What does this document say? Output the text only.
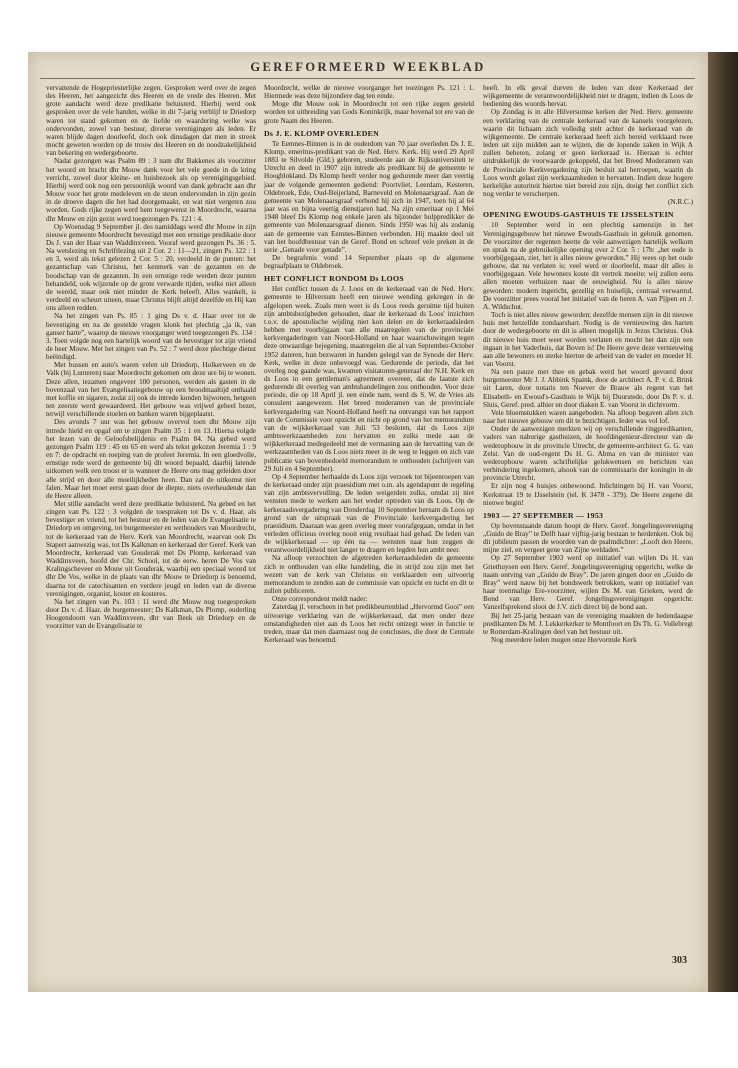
GEREFORMEERD WEEKBLAD

vervattende de Hogepriesterlijke zegen. Gesproken werd over de zegen des Heeren, het aangezicht des Heeren en de vrede des Heeren. Met grote aandacht werd deze predikatie beluisterd. Hierbij werd ook gesproken over de vele handen, welke in dit 7-jarig verblijf te Driedorp waren tot stand gekomen en de liefde en waardering welke was ondervonden, zowel van bestuur, diverse verenigingen als leden. Er waren blijde dagen doorleefd, doch ook dinsdagen dat men in streek mocht geweten worden op de trouw des Heeren en de noodzakelijkheid van bekering en wedergeboorte.

Nadat gezongen was Psalm 89 : 3 nam dhr Bakkenes als voorzitter het woord en bracht dhr Mouw dank voor het vele goede in de kring verricht, zowel door kleine- en huisbezoek als op verenigingsgebied. Hierbij werd ook nog een persoonlijk woord van dank gebracht aan dhr Mouw voor het grote medeleven en de steun ondervonden in zijn gezin in de droeve dagen die het had doorgemaakt, en wat niet vergeten zou worden. Gods rijke zegen werd hem toegewenst in Moordrecht, waarna dhr Mouw en zijn gezin werd toegezongen Ps. 121 : 4.

Op Woensdag 9 September jl. des namiddags werd dhr Mouw in zijn nieuwe gemeente Moordrecht bevestigd met een ernstige predikatie door Ds J. van der Haar van Waddinxveen. Vooraf werd gezongen Ps. 36 : 5. Na wetslezing en Schriftlezing uit 2 Cor. 2 : 11—21, zingen Ps. 122 : 1 en 3, werd als tekst gelezen 2 Cor. 5 : 20, verdeeld in de punten: het gezantschap van Christus, het kenmerk van de gezanten en de boodschap van de gezanten. In een ernstige rede werden deze punten behandeld, ook wijzende op de grote verwarde tijden, welke niet alleen de wereld, maar ook niet minder de Kerk beleeft. Alles wankelt, is verdeeld en scheurt uiteen, maar Christus blijft altijd dezelfde en Hij kan ons alleen redden.

Na het zingen van Ps. 85 : 1 ging Ds v. d. Haar over tot de bevestiging en na de gestelde vragen klonk het plechtig „ja ik, van ganser harte”, waarop de nieuwe voorganger werd toegezongen Ps. 134 : 3. Toen volgde nog een hartelijk woord van de bevestiger tot zijn vriend de heer Mouw. Met het zingen van Ps. 52 : 7 werd deze plechtige dienst beëindigd.

Met bussen en auto's waren velen uit Driedorp, Holkerveen en de Valk (bij Lunteren) naar Moordrecht gekomen om deze ure bij te wonen. Deze allen, tezamen ongeveer 100 personen, werden als gasten in de bovenzaal van het Evangelisatiegebouw op een broodmaaltijd onthaald met koffie en sigaren, zodat zij ook de intrede konden bijwonen, hetgeen ten zeerste werd gewaardeerd. Het gebouw was vrijwel geheel bezet, terwijl verschillende stoelen en banken waren bijgeplaatst.

Des avonds 7 uur was het gebouw overvol toen dhr Mouw zijn intrede hield en opgaf om te zingen Psalm 35 : 1 en 13. Hierna volgde het lezen van de Geloofsbelijdenis en Psalm 84. Na gebed werd gezongen Psalm 119 : 45 en 65 en werd als tekst gekozen Jeremia 1 : 9 en 7: de opdracht en roeping van de profeet Jeremia. In een gloedvolle, ernstige rede werd de gemeente bij dit woord bepaald, daarbij latende uitkomen welk een troost er is wanneer de Heere ons mag geleiden door alle strijd en door alle moeilijkheden heen. Dan zal de uitkomst niet falen. Maar het moet eerst gaan door de diepte, niets overheudende dan de Heere alleen.

Met stille aandacht werd deze predikatie beluisterd. Na gebed en het zingen van Ps. 122 : 3 volgden de toespraken tot Ds v. d. Haar, als bevestiger en vriend, tot het bestuur en de leden van de Evangelisatie te Driedorp en omgeving, tot burgemeester en wethouders van Moordrecht, tot de kerkeraad van de Herv. Kerk van Moordrecht, waarvan ook Ds Stapert aanwezig was, tot Ds Kalkman en kerkeraad der Geref. Kerk van Moordrecht, kerkeraad van Gouderak met Ds Plomp, kerkeraad van Waddinxveen, hoofd der Chr. School, tot de eerw. heren De Vos van Kralingscheveer en Mouw uit Gouderak, waarbij een speciaal woord tot dhr De Vos, welke in de plaats van dhr Mouw te Driedorp is benoemd, daarna tot de catechisanten en verdere jeugd en leden van de diverse verenigingen, organist, koster en kosteres.

Na het zingen van Ps. 103 : 11 werd dhr Mouw nog toegesproken door Ds v. d. Haar, de burgemeester; Ds Kalkman, Ds Plomp, ouderling Hoogendoorn van Waddinxveen, dhr van Beek uit Driedorp en de voorzitter van de Evangelisatie te

Moordrecht, welke de nieuwe voorganger het toezingen Ps. 121 : 1. Hiermede was deze bijzondere dag ten einde.

Moge dhr Mouw ook in Moordrecht tot een rijke zegen gesteld worden tot uitbreiding van Gods Koninkrijk, maar bovenal tot ere van de grote Naam des Heeren.

Ds J. E. KLOMP OVERLEDEN

Te Eemnes-Binnen is in de ouderdom van 70 jaar overleden Ds J. E. Klomp, emeritus-predikant van de Ned. Herv. Kerk. Hij werd 29 April 1883 te Silvolde (Gld.) geboren, studeerde aan de Rijksuniversiteit te Utrecht en deed in 1907 zijn intrede als predikant bij de gemeente te Hoogblokland. Ds Klomp heeft verder nog gedurende meer dan veertig jaar de volgende gemeenten gediend: Poortvliet, Leerdam, Kesteren, Oldebroek, Ede, Oud-Beijerland, Barneveld en Molenaarsgraaf. Aan de gemeente van Molenaarsgraaf verbond hij zich in 1947, toen hij al 64 jaar was en bijna veertig dienstjaren had. Na zijn emeritaat op 1 Mei 1948 bleef Ds Klomp nog enkele jaren als bijzonder hulppredikker de gemeente van Molenaarsgraaf dienen. Sinds 1950 was hij als zodanig aan de gemeente van Eemnes-Binnen verbonden. Hij maakte deel uit van het hoofdbestuur van de Geref. Bond en schreef vele preken in de serie „Genade voor genade”.

De begrafenis vond 14 September plaats op de algemene begraafplaats te Oldebroek.

HET CONFLICT RONDOM Ds LOOS

Het conflict tussen ds J. Loos en de kerkeraad van de Ned. Herv. gemeente te Hilversum heeft een nieuwe wending gekregen in de afgelopen week. Zoals men weet is ds Loos reeds geruime tijd buiten zijn ambtsbezigheden gehouden, daar de kerkeraad ds Loos' inzichten t.o.v. de apostolische wijding niet kon delen en de kerkeraadsleden hebben met voorbijgaan van alle maatregelen van de provinciale kerkvergaderingen van Noord-Holland en haar waarschuwingen tegen deze onwaardige bejegening, maatregelen die al van September-October 1952 dateren, hun bezwaren in handen gelegd van de Synode der Herv. Kerk, welke in deze onbevoegd was. Gedurende de periode, dat het overleg nog gaande was, kwamen visitatoren-generaal der N.H. Kerk en ds Loos in een gentleman's agreement overeen, dat de laatste zich gedurende dit overleg van ambtshandelingen zou onthouden. Voor deze periode, die op 18 April jl. een einde nam, werd ds S. W. de Vries als consulent aangewezen. Het breed moderamen van de provinciale kerkvergadering van Noord-Holland heeft na ontvangst van het rapport van de Commissie voor opzicht en nicht op grond van het memorandum van de wijkkerkeraad van Juli '53 besloten, dat ds Loos zijn ambtswerkzaamheden zou hervatten en zulks mede aan de wijkkerkeraad medegedeeld met de vermaning aan de hervatting van de werkzaamheden van ds Loos niets meer in de weg te leggen en zich van publicatie van bovenbedoeld memorandum te onthouden (schrijven van 29 Juli en 4 September).

Op 4 September herhaalde ds Loos zijn verzoek tot bijeenroepen van de kerkeraad onder zijn praesidium met o.m. als agendapunt de regeling van zijn ambtsvervulling. De leden weigerden zulks, omdat zij niet wensten mede te werken aan het weder optreden van ds Loos. Op de kerkeraadsvergadering van Donderdag 10 September hernam ds Loos op grond van de uitspraak van de Provinciale kerkvergadering het praesidium. Daaraan was geen overleg meer voorafgegaan, omdat in het verleden officieus overleg nooit enig resultaat had gehad. De leden van de wijkkerkeraad — op één na — wensten naar hun zeggen de verantwoordelijkheid niet langer te dragen en legden hun ambt neer.

Na afloop verzochten de afgetreden kerkeraadsleden de gemeente zich te onthouden van elke handeling, die in strijd zou zijn met het wezen van de kerk van Christus en verklaarden een uitvoerig memorandum te zenden aan de commissie van opzicht en tucht en dit te zullen publiceren.

Onze correspondent meldt nader:

Zaterdag jl. verscheen in het predikbeurtenblad „Hervormd Gooi” een uitvoerige verklaring van de wijkkerkeraad, dat men onder deze omstandigheden niet aan ds Loos het recht ontzegt weer in functie te treden, maar dat men daarnaast nog de conclusies, die door de Centrale Kerkeraad was benoemd.

heeft. In elk geval durven de leden van deze Kerkeraad der wijkgemeente de verantwoordelijkheid niet te dragen, indien ds Loos de bediening des woords hervat.

Op Zondag is in alle Hilversumse kerken der Ned. Herv. gemeente een verklaring van de centrale kerkeraad van de kansels voorgelezen, waarin dit lichaam zich volledig stelt achter de kerkeraad van de wijkgemeente. De centrale kerkeraad heeft zich bereid verklaard twee leden uit zijn midden aan te wijzen, die de lopende zaken in Wijk A zullen beheren, zolang er geen kerkeraad is. Hieraan is echter uitdrukkelijk de voorwaarde gekoppeld, dat het Breed Moderamen van de Provinciale Kerkvergadering zijn besluit zal herroepen, waarin ds Loos wordt gelast zijn werkzaamheden te hervatten. Indien deze hogere kerkelijke autoriteit hiertoe niet bereid zou zijn, dreigt het conflict zich nog verder te verscherpen.

(N.R.C.)
OPENING EWOUDS-GASTHUIS TE IJSSELSTEIN

10 September werd in een plechtig samenzijn in het Verenigingsgebouw het nieuwe Ewouds-Gasthuis in gebruik genomen. De voorzitter der regenten heette de vele aanwezigen hartelijk welkom en sprak na de gebruikelijke opening over 2 Cor. 5 : 17b: „het oude is voorbijgegaan, ziet, het is alles nieuw geworden.” Hij wees op het oude gebouw, dat nu verlaten is; veel werd er doorleefd, maar dit alles is voorbijgegaan. Vele bewoners koste dit vertrek moeite; wij zullen eens allen moeten verhuizen naar de eeuwigheid. Nu is alles nieuw geworden: modern ingericht, gezellig en huiselijk, centraal verwarmd. De voorzitter prees vooral het initiatief van de heren A. van Pijpen en J. A. Wildschut.

Toch is niet alles nieuw geworden; dezelfde mensen zijn in dit nieuwe huis met hetzelfde zondaarshart. Nodig is de vernieuwing des harten door de wedergeboorte en dit is alleen mogelijk in Jezus Christus. Ook dit nieuwe huis moet weer worden verlaten en mocht het dan zijn een ingaan in het Vaderhuis, dat Boven is! De Heere geve deze vernieuwing aan alle bewoners en sterke hiertoe de arbeid van de vader en moeder H. van Voorst.

Na een pauze met thee en gebak werd het woord gevoerd door burgemeester Mr J. J. Abbink Spaink, door de architect A. P. v. d. Brink uit Laren, door notaris ten Noever de Brauw als regent van het Elisabeth- en Ewoud's-Gasthuis te Wijk bij Duurstede, door Ds P. v. d. Sluis, Geref. pred. alhier en door diaken E. van Voorst in dichtvorm.

Vele bloemstukken waren aangeboden. Na afloop begaven allen zich naar het nieuwe gebouw om dit te bezichtigen. Ieder was vol lof.

Onder de aanwezigen merkten wij op verschillende ringpredikanten, vaders van naburige gasthuizen, de hoofdingenieur-directeur van de wederopbouw in de provincie Utrecht, de gemeente-architect G. G. van Zelst. Van de oud-regent Ds H. G. Abma en van de minister van wederopbouw waren schriftelijke gelukwensen en berichten van verhindering ingekomen, alsook van de commissaris der koningin in de provincie Utrecht.

Er zijn nog 4 huisjes onbewoond. Inlichtingen bij H. van Voorst, Kerkstraat 19 te IJsselstein (tel. K 3478 - 379). De Heere zegene dit nieuwe begin!

1903 — 27 SEPTEMBER — 1953

Op bovenstaande datum hoopt de Herv. Geref. Jongelingsvereniging „Guido de Bray” te Delft haar vijftig-jarig bestaan te herdenken. Ook bij dit jubileum passen de woorden van de psalmdichter: „Looft den Heere, mijne ziel, en vergeet gene van Zijne weldaden.”

Op 27 September 1903 werd op initiatief van wijlen Ds H. van Griethuysen een Herv. Geref. Jongelingsvereniging opgericht, welke de naam ontving van „Guido de Bray”. De jaren gingen door en „Guido de Bray” werd nauw bij het bondswerk betrokken, want op initiatief van haar toenmalige Ere-voorzitter, wijlen Ds M. van Grieken, werd de Bond van Herv. Geref. Jongelingsverenigingen opgericht. Vanzelfsprekend sloot de J.V. zich direct bij de bond aan.

Bij het 25-jarig bestaan van de vereniging maakten de hedendaagse predikanten Ds M. J. Lekkerkerker te Montfoort en Ds Th. G. Vollebregt te Rotterdam-Kralingen deel van het bestuur uit.

Nog meerdere leden mogen onze Hervormde Kerk

303
